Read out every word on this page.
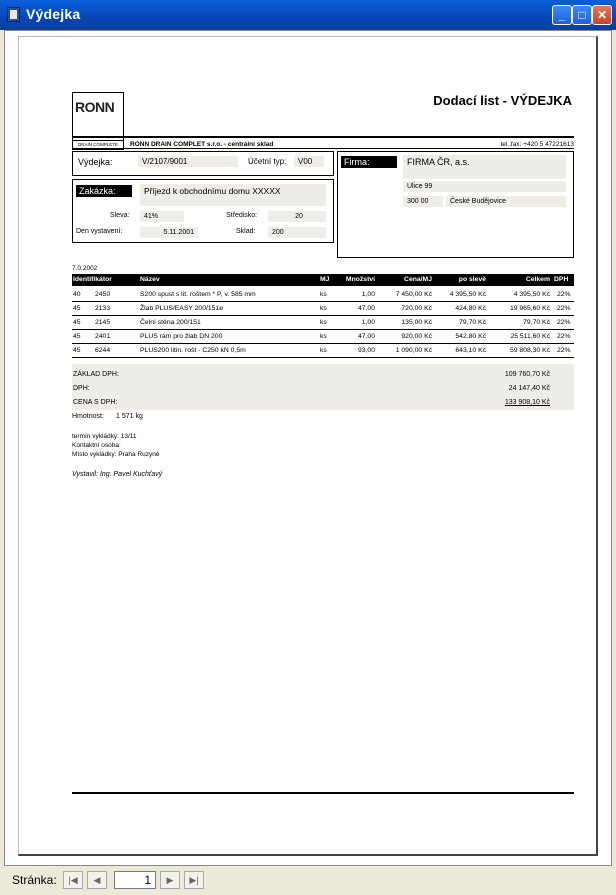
Výdejka	_	□ ✕
RONN
DRAIN COMPLETE
Dodací list - VÝDEJKA
RONN DRAIN COMPLET s.r.o. - centrální sklad	tel.,fax: +420 5 47221613
Výdejka:	V/2107/9001	Účetní typ:	V00
Zakázka:	Příjezd k obchodnímu domu XXXXX
Sleva:	41%	Středisko:	20
Den vystavení:	5.11.2001	Sklad:	200
Firma:	FIRMA ČR, a.s.
Ulice 99
300 00	České Budějovice
7.0.2002
Identifikátor	Název	MJ	Množství	Cena/MJ	po slevě	Celkem DPH
40 2450	S200 spust s lit. roštem * P, v. 585 mm	ks	1,00	7 450,00 Kč	4 395,50 Kč	4 395,50 Kč 22%
45 2133	Žlab PLUS/EASY 200/151e	ks	47,00	720,00 Kč	424,80 Kč	19 965,60 Kč 22%
45 2145	Čelní stěna 200/151	ks	1,00	135,00 Kč	79,70 Kč	79,70 Kč 22%
45 2401	PLUS rám pro žlab DN 200	ks	47,00	920,00 Kč	542,80 Kč	25 511,60 Kč 22%
45 6244	PLUS200 litin. rošt - C250 kN 0,5m	ks	93,00	1 090,00 Kč	643,10 Kč	59 808,30 Kč 22%
ZÁKLAD DPH:	109 760,70 Kč
DPH:	24 147,40 Kč
CENA S DPH:	133 908,10 Kč
Hmotnost: 1 571 kg
termín vykládky: 13/11
Kontaktní osoba:
Místo vykládky: Praha Ruzyně
Vystavil: Ing. Pavel Kuchťavý
Stránka:	|◀	◀	1	▶	▶|
